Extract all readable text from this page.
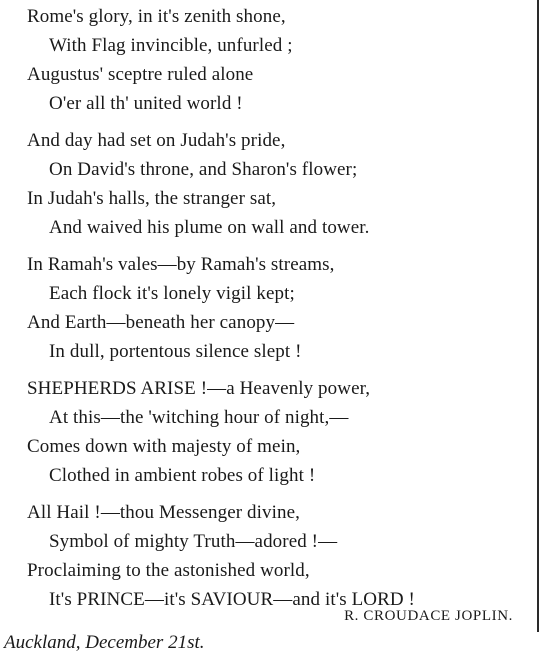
Rome's glory, in it's zenith shone,
With Flag invincible, unfurled ;
Augustus' sceptre ruled alone
O'er all th' united world !
And day had set on Judah's pride,
On David's throne, and Sharon's flower;
In Judah's halls, the stranger sat,
And waived his plume on wall and tower.
In Ramah's vales—by Ramah's streams,
Each flock it's lonely vigil kept;
And Earth—beneath her canopy—
In dull, portentous silence slept !
SHEPHERDS ARISE !—a Heavenly power,
At this—the 'witching hour of night,—
Comes down with majesty of mein,
Clothed in ambient robes of light !
All Hail !—thou Messenger divine,
Symbol of mighty Truth—adored !—
Proclaiming to the astonished world,
It's PRINCE—it's SAVIOUR—and it's LORD !
R. CROUDACE JOPLIN.
Auckland, December 21st.
